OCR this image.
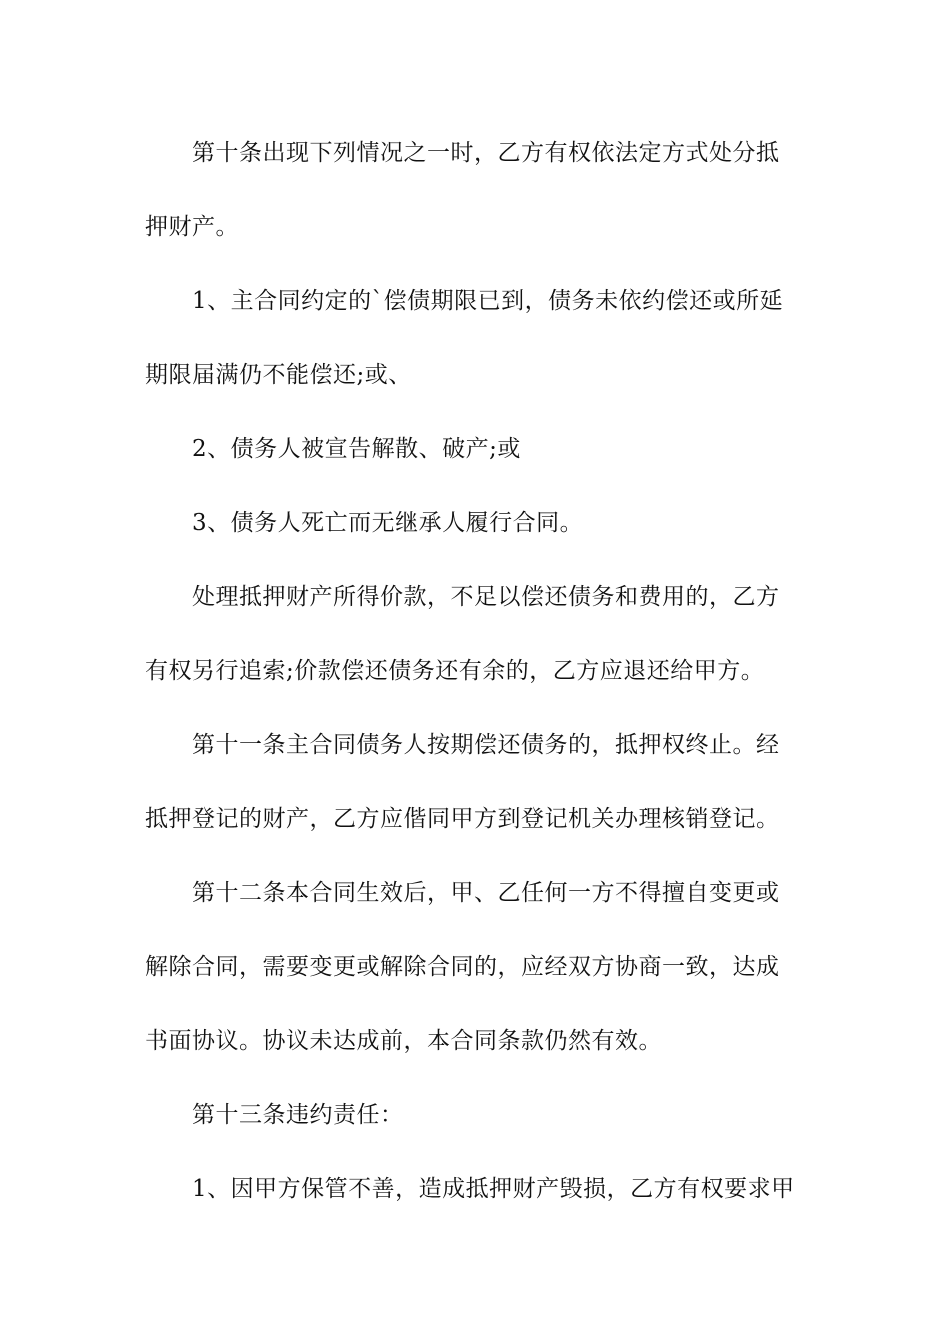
第十条出现下列情况之一时，乙方有权依法定方式处分抵
押财产。
1、主合同约定的`偿债期限已到，债务未依约偿还或所延
期限届满仍不能偿还;或、
2、债务人被宣告解散、破产;或
3、债务人死亡而无继承人履行合同。
处理抵押财产所得价款，不足以偿还债务和费用的，乙方
有权另行追索;价款偿还债务还有余的，乙方应退还给甲方。
第十一条主合同债务人按期偿还债务的，抵押权终止。经
抵押登记的财产，乙方应偕同甲方到登记机关办理核销登记。
第十二条本合同生效后，甲、乙任何一方不得擅自变更或
解除合同，需要变更或解除合同的，应经双方协商一致，达成
书面协议。协议未达成前，本合同条款仍然有效。
第十三条违约责任：
1、因甲方保管不善，造成抵押财产毁损，乙方有权要求甲
